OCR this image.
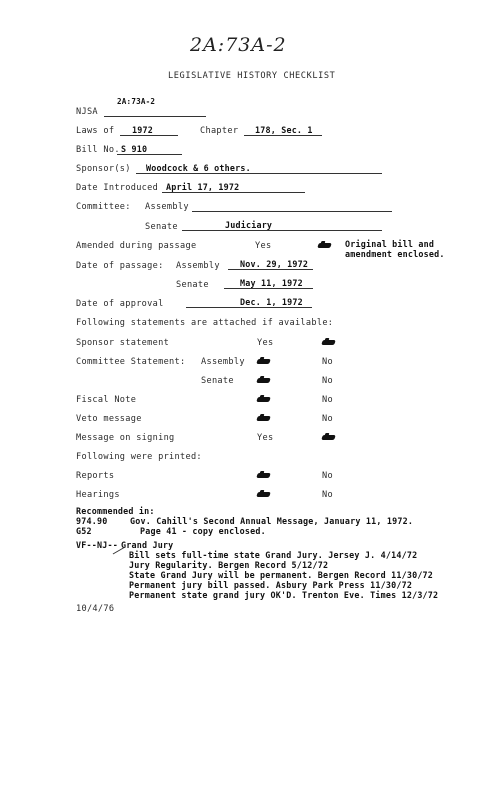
2A:73A-2
LEGISLATIVE HISTORY CHECKLIST
NJSA
2A:73A-2
Laws of 1972	Chapter 178, Sec. 1
Bill No. S 910
Sponsor(s) Woodcock & 6 others.
Date Introduced April 17, 1972
Committee: Assembly
Senate	Judiciary
Amended during passage	Yes	Original bill and
amendment enclosed.
Date of passage: Assembly Nov. 29, 1972
Senate	May 11, 1972
Date of approval	Dec. 1, 1972
Following statements are attached if available:
Sponsor statement	Yes
Committee Statement: Assembly	No
Senate	No
Fiscal Note	No
Veto message	No
Message on signing	Yes
Following were printed:
Reports	No
Hearings	No
Recommended in:
974.90	Gov. Cahill's Second Annual Message, January 11, 1972.
G52	Page 41 - copy enclosed.
VF--NJ-- Grand Jury
Bill sets full-time state Grand Jury. Jersey J. 4/14/72
Jury Regularity. Bergen Record 5/12/72
State Grand Jury will be permanent. Bergen Record 11/30/72
Permanent jury bill passed. Asbury Park Press 11/30/72
Permanent state grand jury OK'D. Trenton Eve. Times 12/3/72
10/4/76
